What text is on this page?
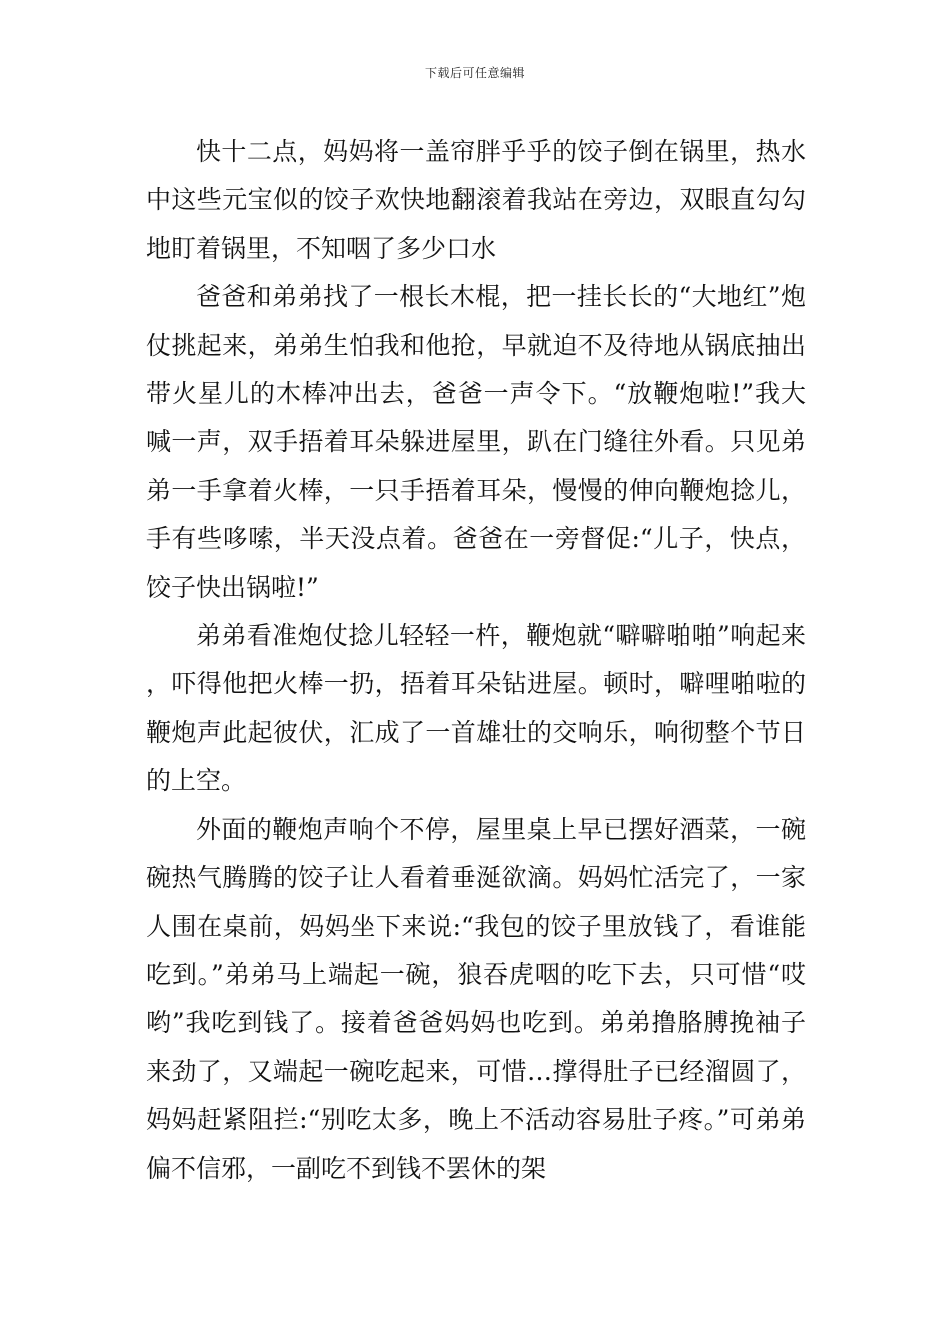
下载后可任意编辑

快十二点，妈妈将一盖帘胖乎乎的饺子倒在锅里，热水中这些元宝似的饺子欢快地翻滚着我站在旁边，双眼直勾勾地盯着锅里，不知咽了多少口水

爸爸和弟弟找了一根长木棍，把一挂长长的“大地红”炮仗挑起来，弟弟生怕我和他抢，早就迫不及待地从锅底抽出带火星儿的木棒冲出去，爸爸一声令下。“放鞭炮啦!”我大喊一声，双手捂着耳朵躲进屋里，趴在门缝往外看。只见弟弟一手拿着火棒，一只手捂着耳朵，慢慢的伸向鞭炮捻儿，手有些哆嗦，半天没点着。爸爸在一旁督促:“儿子，快点，饺子快出锅啦!”

弟弟看准炮仗捻儿轻轻一杵，鞭炮就“噼噼啪啪”响起来，吓得他把火棒一扔，捂着耳朵钻进屋。顿时，噼哩啪啦的鞭炮声此起彼伏，汇成了一首雄壮的交响乐，响彻整个节日的上空。

外面的鞭炮声响个不停，屋里桌上早已摆好酒菜，一碗碗热气腾腾的饺子让人看着垂涎欲滴。妈妈忙活完了，一家人围在桌前，妈妈坐下来说:“我包的饺子里放钱了，看谁能吃到。”弟弟马上端起一碗，狼吞虎咽的吃下去，只可惜“哎哟”我吃到钱了。接着爸爸妈妈也吃到。弟弟撸胳膊挽袖子来劲了，又端起一碗吃起来，可惜…撑得肚子已经溜圆了，妈妈赶紧阻拦:“别吃太多，晚上不活动容易肚子疼。”可弟弟偏不信邪，一副吃不到钱不罢休的架
